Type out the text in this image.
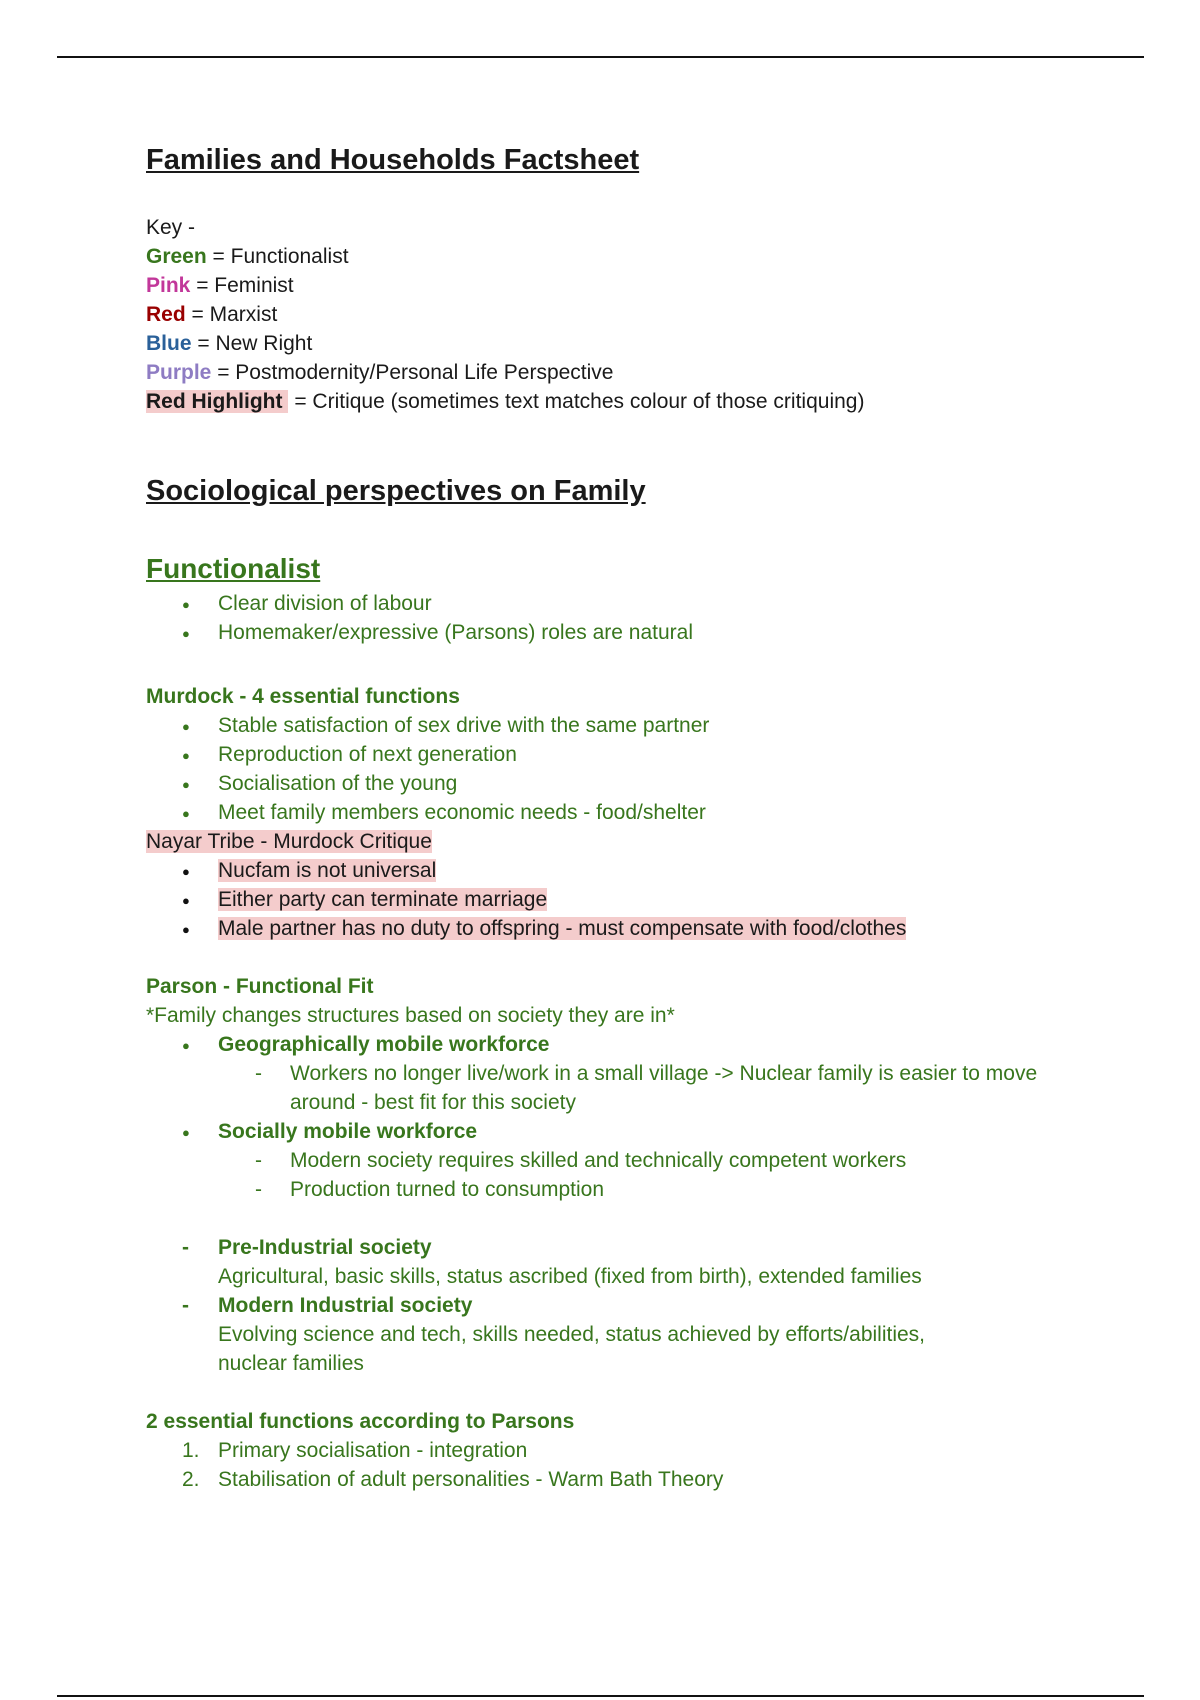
Families and Households Factsheet
Key -
Green = Functionalist
Pink = Feminist
Red = Marxist
Blue = New Right
Purple = Postmodernity/Personal Life Perspective
Red Highlight = Critique (sometimes text matches colour of those critiquing)
Sociological perspectives on Family
Functionalist
● Clear division of labour
● Homemaker/expressive (Parsons) roles are natural
Murdock - 4 essential functions
● Stable satisfaction of sex drive with the same partner
● Reproduction of next generation
● Socialisation of the young
● Meet family members economic needs - food/shelter
Nayar Tribe - Murdock Critique
● Nucfam is not universal
● Either party can terminate marriage
● Male partner has no duty to offspring - must compensate with food/clothes
Parson - Functional Fit
*Family changes structures based on society they are in*
● Geographically mobile workforce
- Workers no longer live/work in a small village -> Nuclear family is easier to move around - best fit for this society
● Socially mobile workforce
- Modern society requires skilled and technically competent workers
- Production turned to consumption
- Pre-Industrial society
Agricultural, basic skills, status ascribed (fixed from birth), extended families
- Modern Industrial society
Evolving science and tech, skills needed, status achieved by efforts/abilities, nuclear families
2 essential functions according to Parsons
1. Primary socialisation - integration
2. Stabilisation of adult personalities - Warm Bath Theory
